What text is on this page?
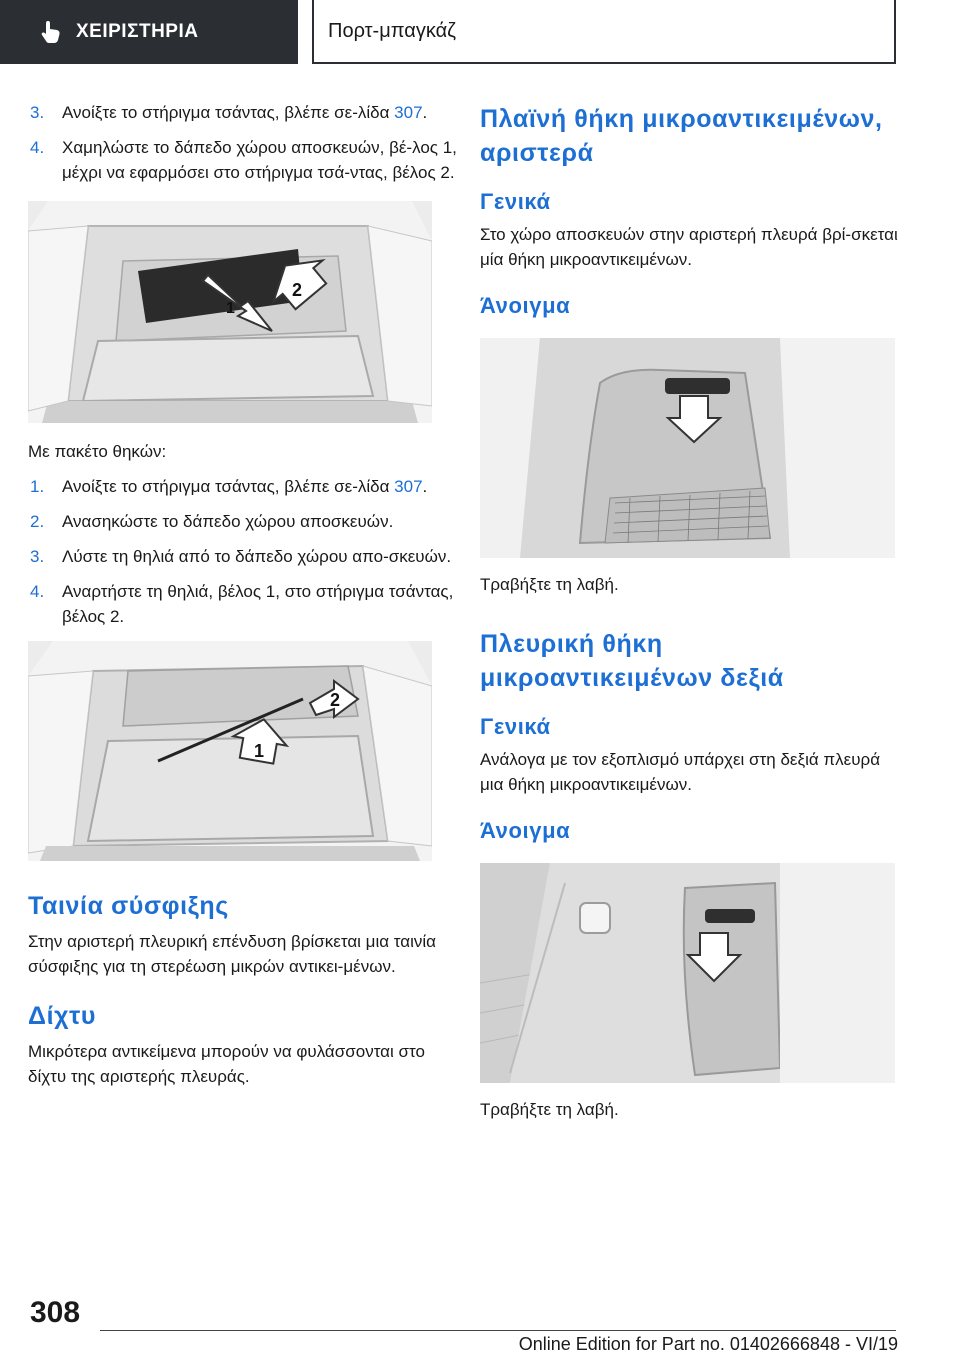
ΧΕΙΡΙΣΤΗΡΙΑ	Πορτ-μπαγκάζ
3.	Ανοίξτε το στήριγμα τσάντας, βλέπε σε-λίδα 307.
4.	Χαμηλώστε το δάπεδο χώρου αποσκευών, βέ-λος 1, μέχρι να εφαρμόσει στο στήριγμα τσά-ντας, βέλος 2.
1
2

Με πακέτο θηκών:

1.	Ανοίξτε το στήριγμα τσάντας, βλέπε σε-λίδα 307.
2.	Ανασηκώστε το δάπεδο χώρου αποσκευών.
3.	Λύστε τη θηλιά από το δάπεδο χώρου απο-σκευών.
4.	Αναρτήστε τη θηλιά, βέλος 1, στο στήριγμα τσάντας, βέλος 2.
1
2
Ταινία σύσφιξης

Στην αριστερή πλευρική επένδυση βρίσκεται μια ταινία σύσφιξης για τη στερέωση μικρών αντικει-μένων.

Δίχτυ

Μικρότερα αντικείμενα μπορούν να φυλάσσονται στο δίχτυ της αριστερής πλευράς.

Πλαϊνή θήκη μικροαντικειμένων, αριστερά
Γενικά

Στο χώρο αποσκευών στην αριστερή πλευρά βρί-σκεται μία θήκη μικροαντικειμένων.

Άνοιγμα

Τραβήξτε τη λαβή.

Πλευρική θήκη μικροαντικειμένων δεξιά
Γενικά

Ανάλογα με τον εξοπλισμό υπάρχει στη δεξιά πλευρά μια θήκη μικροαντικειμένων.

Άνοιγμα

Τραβήξτε τη λαβή.

308
Online Edition for Part no. 01402666848 - VI/19
